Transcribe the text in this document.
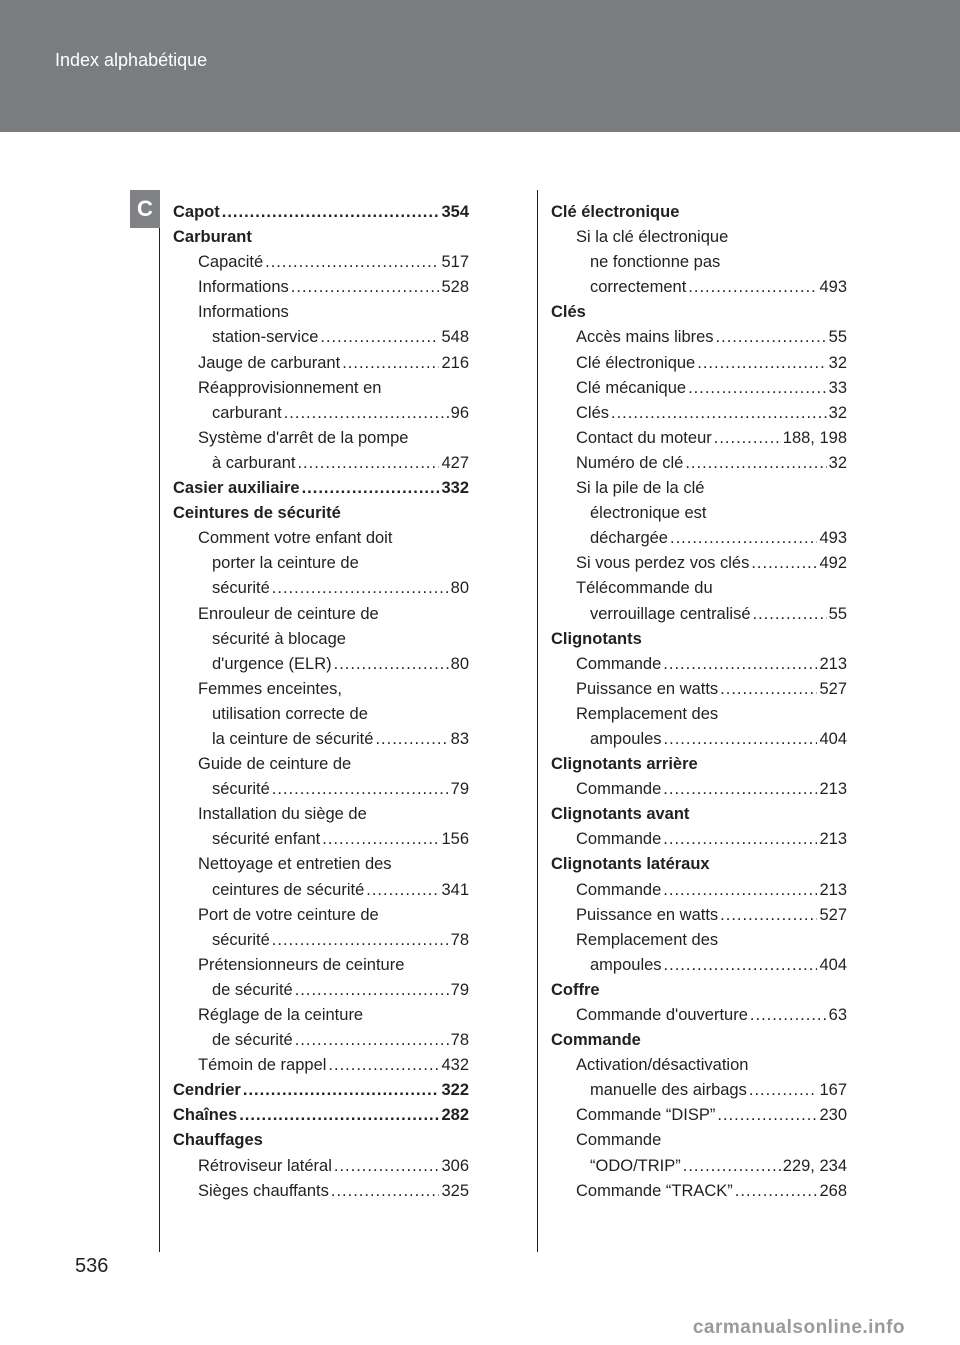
Index alphabétique
C	Capot .....	354
Carburant
Capacité .....	517
Informations .....	528
Informations
station-service .....	548
Jauge de carburant .....	216
Réapprovisionnement en
carburant .....	96
Système d'arrêt de la pompe
à carburant .....	427
Casier auxiliaire .....	332
Ceintures de sécurité
Comment votre enfant doit
porter la ceinture de
sécurité .....	80
Enrouleur de ceinture de
sécurité à blocage
d'urgence (ELR) .....	80
Femmes enceintes,
utilisation correcte de
la ceinture de sécurité .....	83
Guide de ceinture de
sécurité .....	79
Installation du siège de
sécurité enfant .....	156
Nettoyage et entretien des
ceintures de sécurité .....	341
Port de votre ceinture de
sécurité .....	78
Prétensionneurs de ceinture
de sécurité .....	79
Réglage de la ceinture
de sécurité .....	78
Témoin de rappel .....	432
Cendrier .....	322
Chaînes .....	282
Chauffages
Rétroviseur latéral .....	306
Sièges chauffants .....	325
Clé électronique
Si la clé électronique
ne fonctionne pas
correctement .....	493
Clés
Accès mains libres .....	55
Clé électronique .....	32
Clé mécanique .....	33
Clés .....	32
Contact du moteur .....	188, 198
Numéro de clé .....	32
Si la pile de la clé
électronique est
déchargée .....	493
Si vous perdez vos clés .....	492
Télécommande du
verrouillage centralisé .....	55
Clignotants
Commande .....	213
Puissance en watts .....	527
Remplacement des
ampoules .....	404
Clignotants arrière
Commande .....	213
Clignotants avant
Commande .....	213
Clignotants latéraux
Commande .....	213
Puissance en watts .....	527
Remplacement des
ampoules .....	404
Coffre
Commande d'ouverture .....	63
Commande
Activation/désactivation
manuelle des airbags .....	167
Commande “DISP” .....	230
Commande
“ODO/TRIP” .....	229, 234
Commande “TRACK” .....	268
536
carmanualsonline.info
